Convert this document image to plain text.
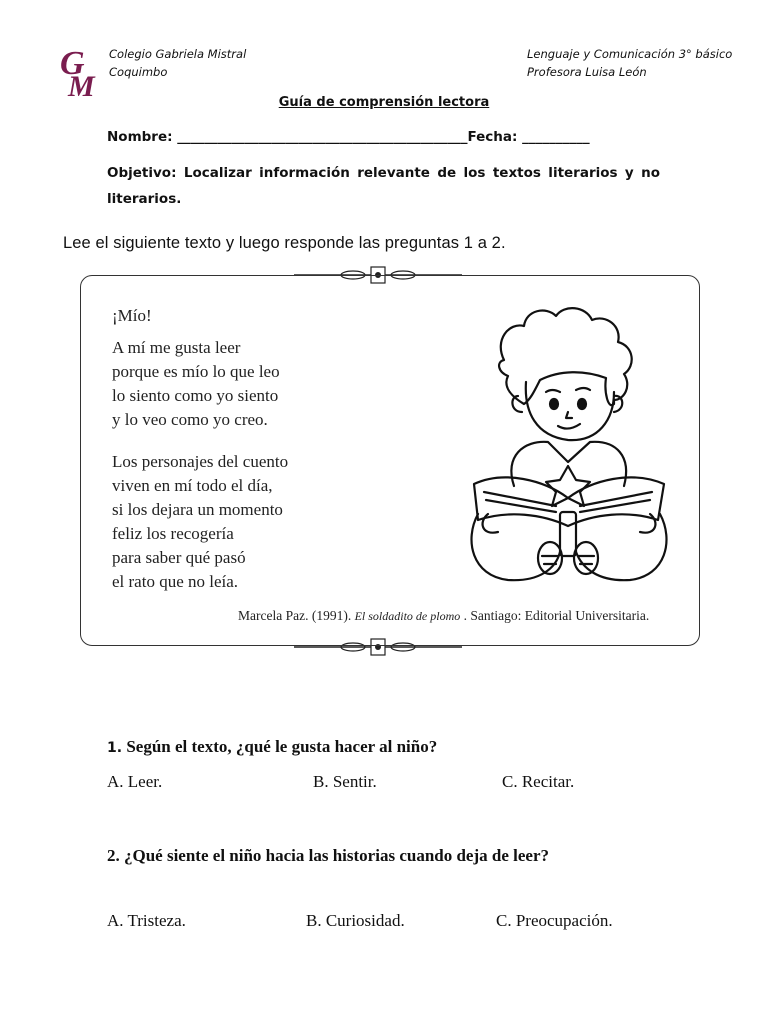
G
M
Colegio Gabriela Mistral
Coquimbo
Lenguaje y Comunicación 3° básico
Profesora Luisa León
Guía de comprensión lectora
Nombre: ___________________________________________Fecha: __________
Objetivo: Localizar información relevante de los textos literarios y no literarios.
Lee el siguiente texto y luego responde las preguntas 1 a 2.
¡Mío!
A mí me gusta leer
porque es mío lo que leo
lo siento como yo siento
y lo veo como yo creo.
Los personajes del cuento
viven en mí todo el día,
si los dejara un momento
feliz los recogería
para saber qué pasó
el rato que no leía.
Marcela Paz. (1991). El soldadito de plomo . Santiago: Editorial Universitaria.
1. Según el texto, ¿qué le gusta hacer al niño?
A. Leer.	B. Sentir.	C. Recitar.
2. ¿Qué siente el niño hacia las historias cuando deja de leer?
A. Tristeza.	B. Curiosidad.	C. Preocupación.
